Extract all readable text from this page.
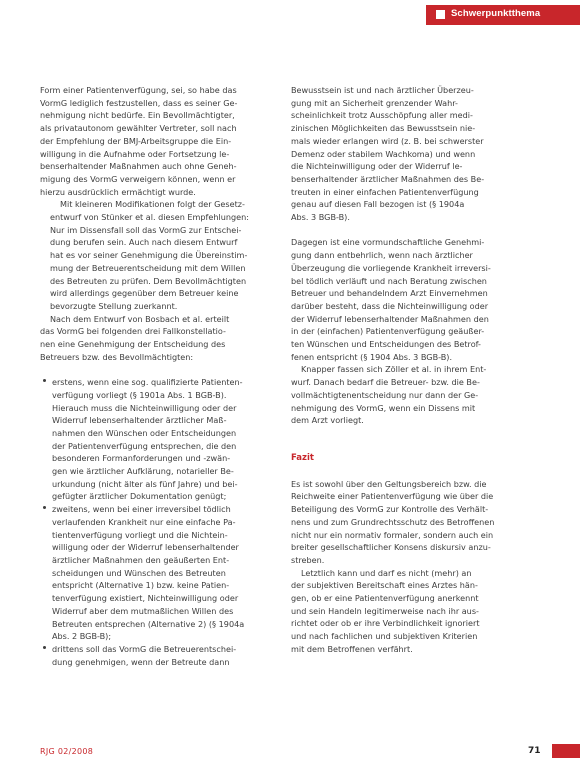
Schwerpunktthema
Form einer Patientenverfügung, sei, so habe das
VormG lediglich festzustellen, dass es seiner Ge-
nehmigung nicht bedürfe. Ein Bevollmächtigter,
als privatautonom gewählter Vertreter, soll nach
der Empfehlung der BMJ-Arbeitsgruppe die Ein-
willigung in die Aufnahme oder Fortsetzung le-
benserhaltender Maßnahmen auch ohne Geneh-
migung des VormG verweigern können, wenn er
hierzu ausdrücklich ermächtigt wurde.
Mit kleineren Modifikationen folgt der Gesetz-
entwurf von Stünker et al. diesen Empfehlungen:
Nur im Dissensfall soll das VormG zur Entschei-
dung berufen sein. Auch nach diesem Entwurf
hat es vor seiner Genehmigung die Übereinstim-
mung der Betreuerentscheidung mit dem Willen
des Betreuten zu prüfen. Dem Bevollmächtigten
wird allerdings gegenüber dem Betreuer keine
bevorzugte Stellung zuerkannt.
Nach dem Entwurf von Bosbach et al. erteilt
das VormG bei folgenden drei Fallkonstellatio-
nen eine Genehmigung der Entscheidung des
Betreuers bzw. des Bevollmächtigten:
erstens, wenn eine sog. qualifizierte Patienten-
verfügung vorliegt (§ 1901a Abs. 1 BGB-B).
Hierauch muss die Nichteinwilligung oder der
Widerruf lebenserhaltender ärztlicher Maß-
nahmen den Wünschen oder Entscheidungen
der Patientenverfügung entsprechen, die den
besonderen Formanforderungen und -zwän-
gen wie ärztlicher Aufklärung, notarieller Be-
urkundung (nicht älter als fünf Jahre) und bei-
gefügter ärztlicher Dokumentation genügt;
zweitens, wenn bei einer irreversibel tödlich
verlaufenden Krankheit nur eine einfache Pa-
tientenverfügung vorliegt und die Nichtein-
willigung oder der Widerruf lebenserhaltender
ärztlicher Maßnahmen den geäußerten Ent-
scheidungen und Wünschen des Betreuten
entspricht (Alternative 1) bzw. keine Patien-
tenverfügung existiert, Nichteinwilligung oder
Widerruf aber dem mutmaßlichen Willen des
Betreuten entsprechen (Alternative 2) (§ 1904a
Abs. 2 BGB-B);
drittens soll das VormG die Betreuerentschei-
dung genehmigen, wenn der Betreute dann
Bewusstsein ist und nach ärztlicher Überzeu-
gung mit an Sicherheit grenzender Wahr-
scheinlichkeit trotz Ausschöpfung aller medi-
zinischen Möglichkeiten das Bewusstsein nie-
mals wieder erlangen wird (z. B. bei schwerster
Demenz oder stabilem Wachkoma) und wenn
die Nichteinwilligung oder der Widerruf le-
benserhaltender ärztlicher Maßnahmen des Be-
treuten in einer einfachen Patientenverfügung
genau auf diesen Fall bezogen ist (§ 1904a
Abs. 3 BGB-B).
Dagegen ist eine vormundschaftliche Genehmi-
gung dann entbehrlich, wenn nach ärztlicher
Überzeugung die vorliegende Krankheit irreversi-
bel tödlich verläuft und nach Beratung zwischen
Betreuer und behandelndem Arzt Einvernehmen
darüber besteht, dass die Nichteinwilligung oder
der Widerruf lebenserhaltender Maßnahmen den
in der (einfachen) Patientenverfügung geäußer-
ten Wünschen und Entscheidungen des Betrof-
fenen entspricht (§ 1904 Abs. 3 BGB-B).
Knapper fassen sich Zöller et al. in ihrem Ent-
wurf. Danach bedarf die Betreuer- bzw. die Be-
vollmächtigtenentscheidung nur dann der Ge-
nehmigung des VormG, wenn ein Dissens mit
dem Arzt vorliegt.
Fazit
Es ist sowohl über den Geltungsbereich bzw. die
Reichweite einer Patientenverfügung wie über die
Beteiligung des VormG zur Kontrolle des Verhält-
nens und zum Grundrechtsschutz des Betroffenen
nicht nur ein normativ formaler, sondern auch ein
breiter gesellschaftlicher Konsens diskursiv anzu-
streben.
Letztlich kann und darf es nicht (mehr) an
der subjektiven Bereitschaft eines Arztes hän-
gen, ob er eine Patientenverfügung anerkennt
und sein Handeln legitimerweise nach ihr aus-
richtet oder ob er ihre Verbindlichkeit ignoriert
und nach fachlichen und subjektiven Kriterien
mit dem Betroffenen verfährt.
RJG 02/2008	71
